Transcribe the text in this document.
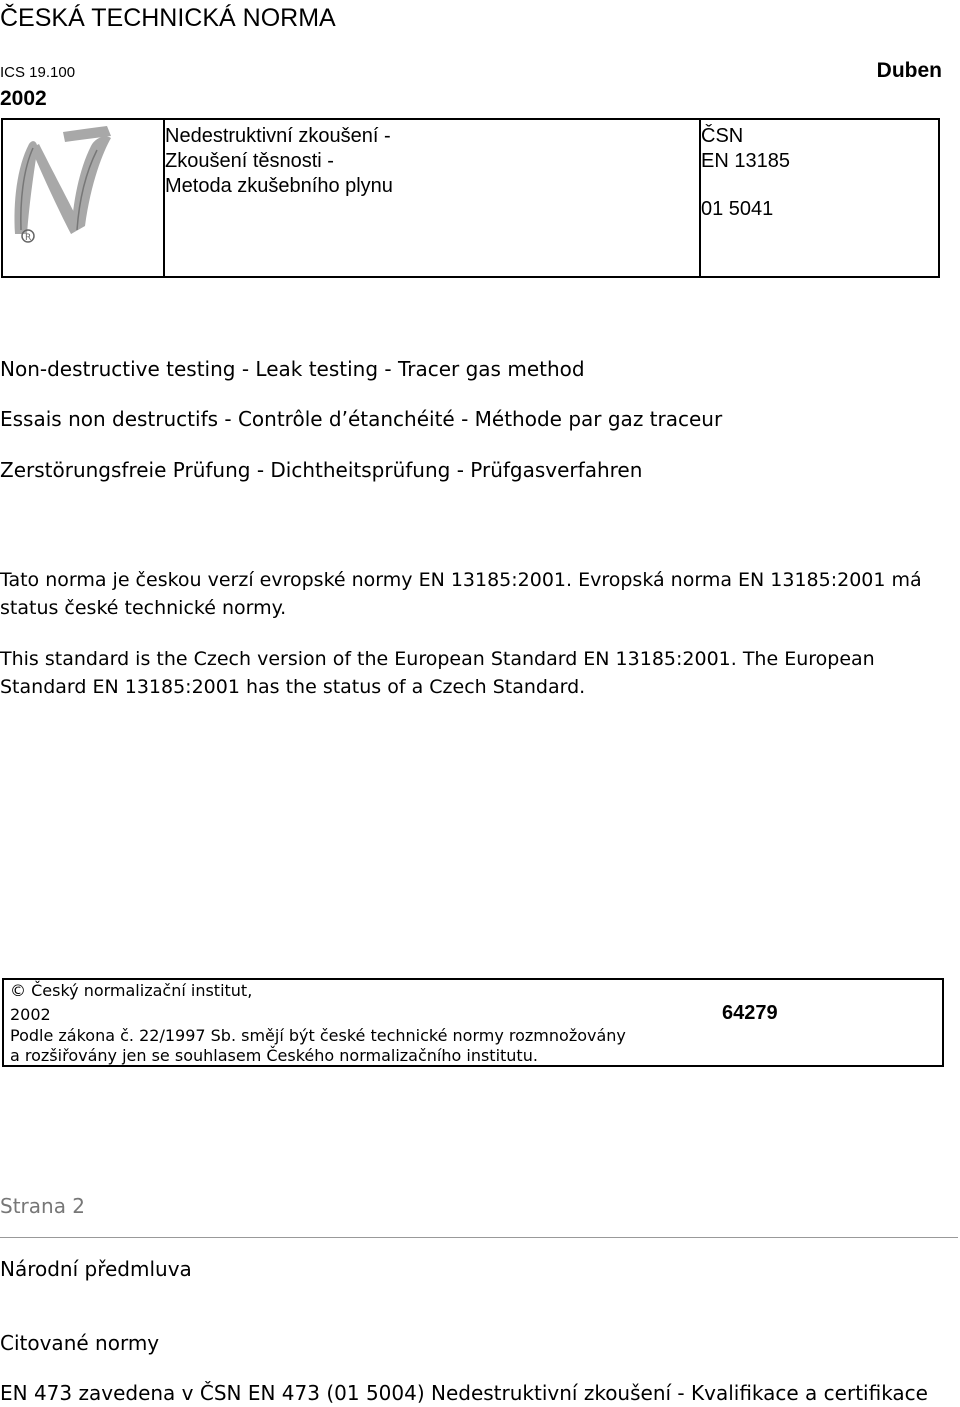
ČESKÁ TECHNICKÁ NORMA
ICS 19.100	Duben
2002
R
Nedestruktivní zkoušení -
Zkoušení těsnosti -
Metoda zkušebního plynu
ČSN
EN 13185
01 5041
Non-destructive testing - Leak testing - Tracer gas method
Essais non destructifs - Contrôle d’étanchéité - Méthode par gaz traceur
Zerstörungsfreie Prüfung - Dichtheitsprüfung - Prüfgasverfahren
Tato norma je českou verzí evropské normy EN 13185:2001. Evropská norma EN 13185:2001 má status české technické normy.
This standard is the Czech version of the European Standard EN 13185:2001. The European Standard EN 13185:2001 has the status of a Czech Standard.
© Český normalizační institut,
2002
Podle zákona č. 22/1997 Sb. smějí být české technické normy rozmnožovány
a rozšiřovány jen se souhlasem Českého normalizačního institutu.
64279
Strana 2
Národní předmluva
Citované normy
EN 473 zavedena v ČSN EN 473 (01 5004) Nedestruktivní zkoušení - Kvalifikace a certifikace
